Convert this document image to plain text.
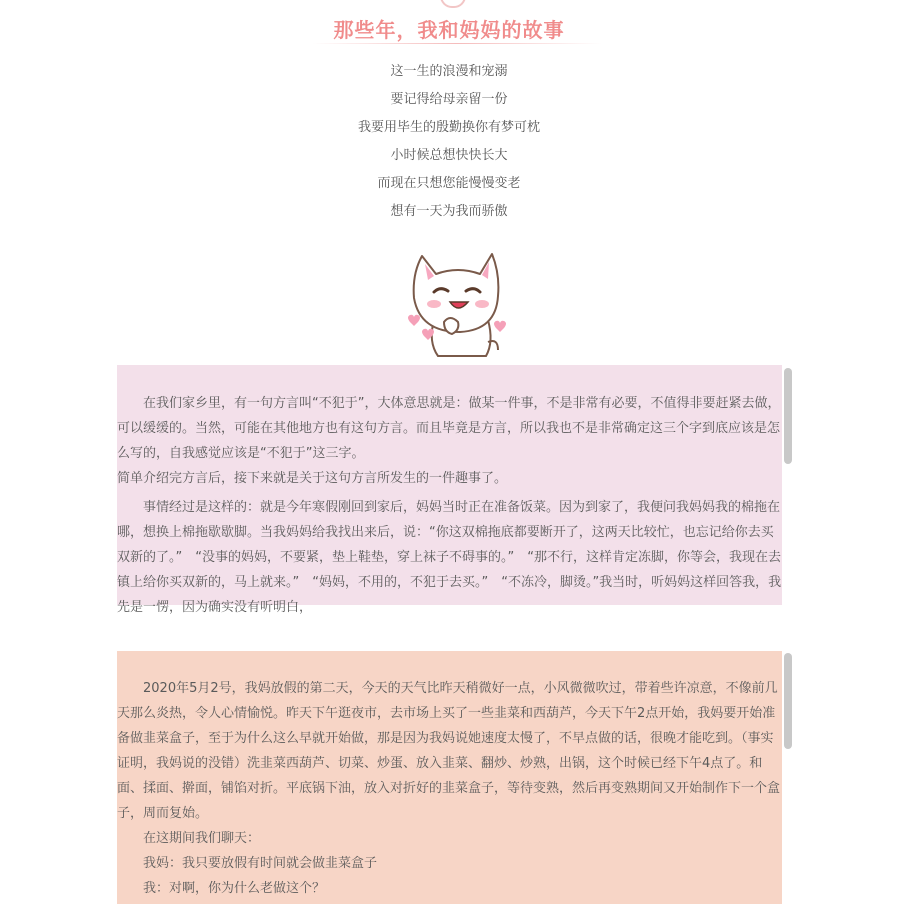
那些年，我和妈妈的故事
这一生的浪漫和宠溺
要记得给母亲留一份
我要用毕生的殷勤换你有梦可枕
小时候总想快快长大
而现在只想您能慢慢变老
想有一天为我而骄傲

　　在我们家乡里，有一句方言叫“不犯于”，大体意思就是：做某一件事，不是非常有必要，不值得非要赶紧去做，可以缓缓的。当然，可能在其他地方也有这句方言。而且毕竟是方言，所以我也不是非常确定这三个字到底应该是怎么写的，自我感觉应该是“不犯于”这三字。

简单介绍完方言后，接下来就是关于这句方言所发生的一件趣事了。

　　事情经过是这样的：就是今年寒假刚回到家后，妈妈当时正在准备饭菜。因为到家了，我便问我妈妈我的棉拖在哪，想换上棉拖歇歇脚。当我妈妈给我找出来后，说：“你这双棉拖底都要断开了，这两天比较忙，也忘记给你去买双新的了。”　“没事的妈妈，不要紧，垫上鞋垫，穿上袜子不碍事的。”　“那不行，这样肯定冻脚，你等会，我现在去镇上给你买双新的，马上就来。”　“妈妈，不用的，不犯于去买。”　“不冻冷，脚烫。”我当时，听妈妈这样回答我，我先是一愣，因为确实没有听明白，

　　2020年5月2号，我妈放假的第二天，今天的天气比昨天稍微好一点，小风微微吹过，带着些许凉意，不像前几天那么炎热，令人心情愉悦。昨天下午逛夜市，去市场上买了一些韭菜和西葫芦，今天下午2点开始，我妈要开始准备做韭菜盒子，至于为什么这么早就开始做，那是因为我妈说她速度太慢了，不早点做的话，很晚才能吃到。（事实证明，我妈说的没错）洗韭菜西葫芦、切菜、炒蛋、放入韭菜、翻炒、炒熟，出锅，这个时候已经下午4点了。和面、揉面、擀面，铺馅对折。平底锅下油，放入对折好的韭菜盒子，等待变熟，然后再变熟期间又开始制作下一个盒子，周而复始。

　　在这期间我们聊天：

　　我妈：我只要放假有时间就会做韭菜盒子

　　我：对啊，你为什么老做这个？
